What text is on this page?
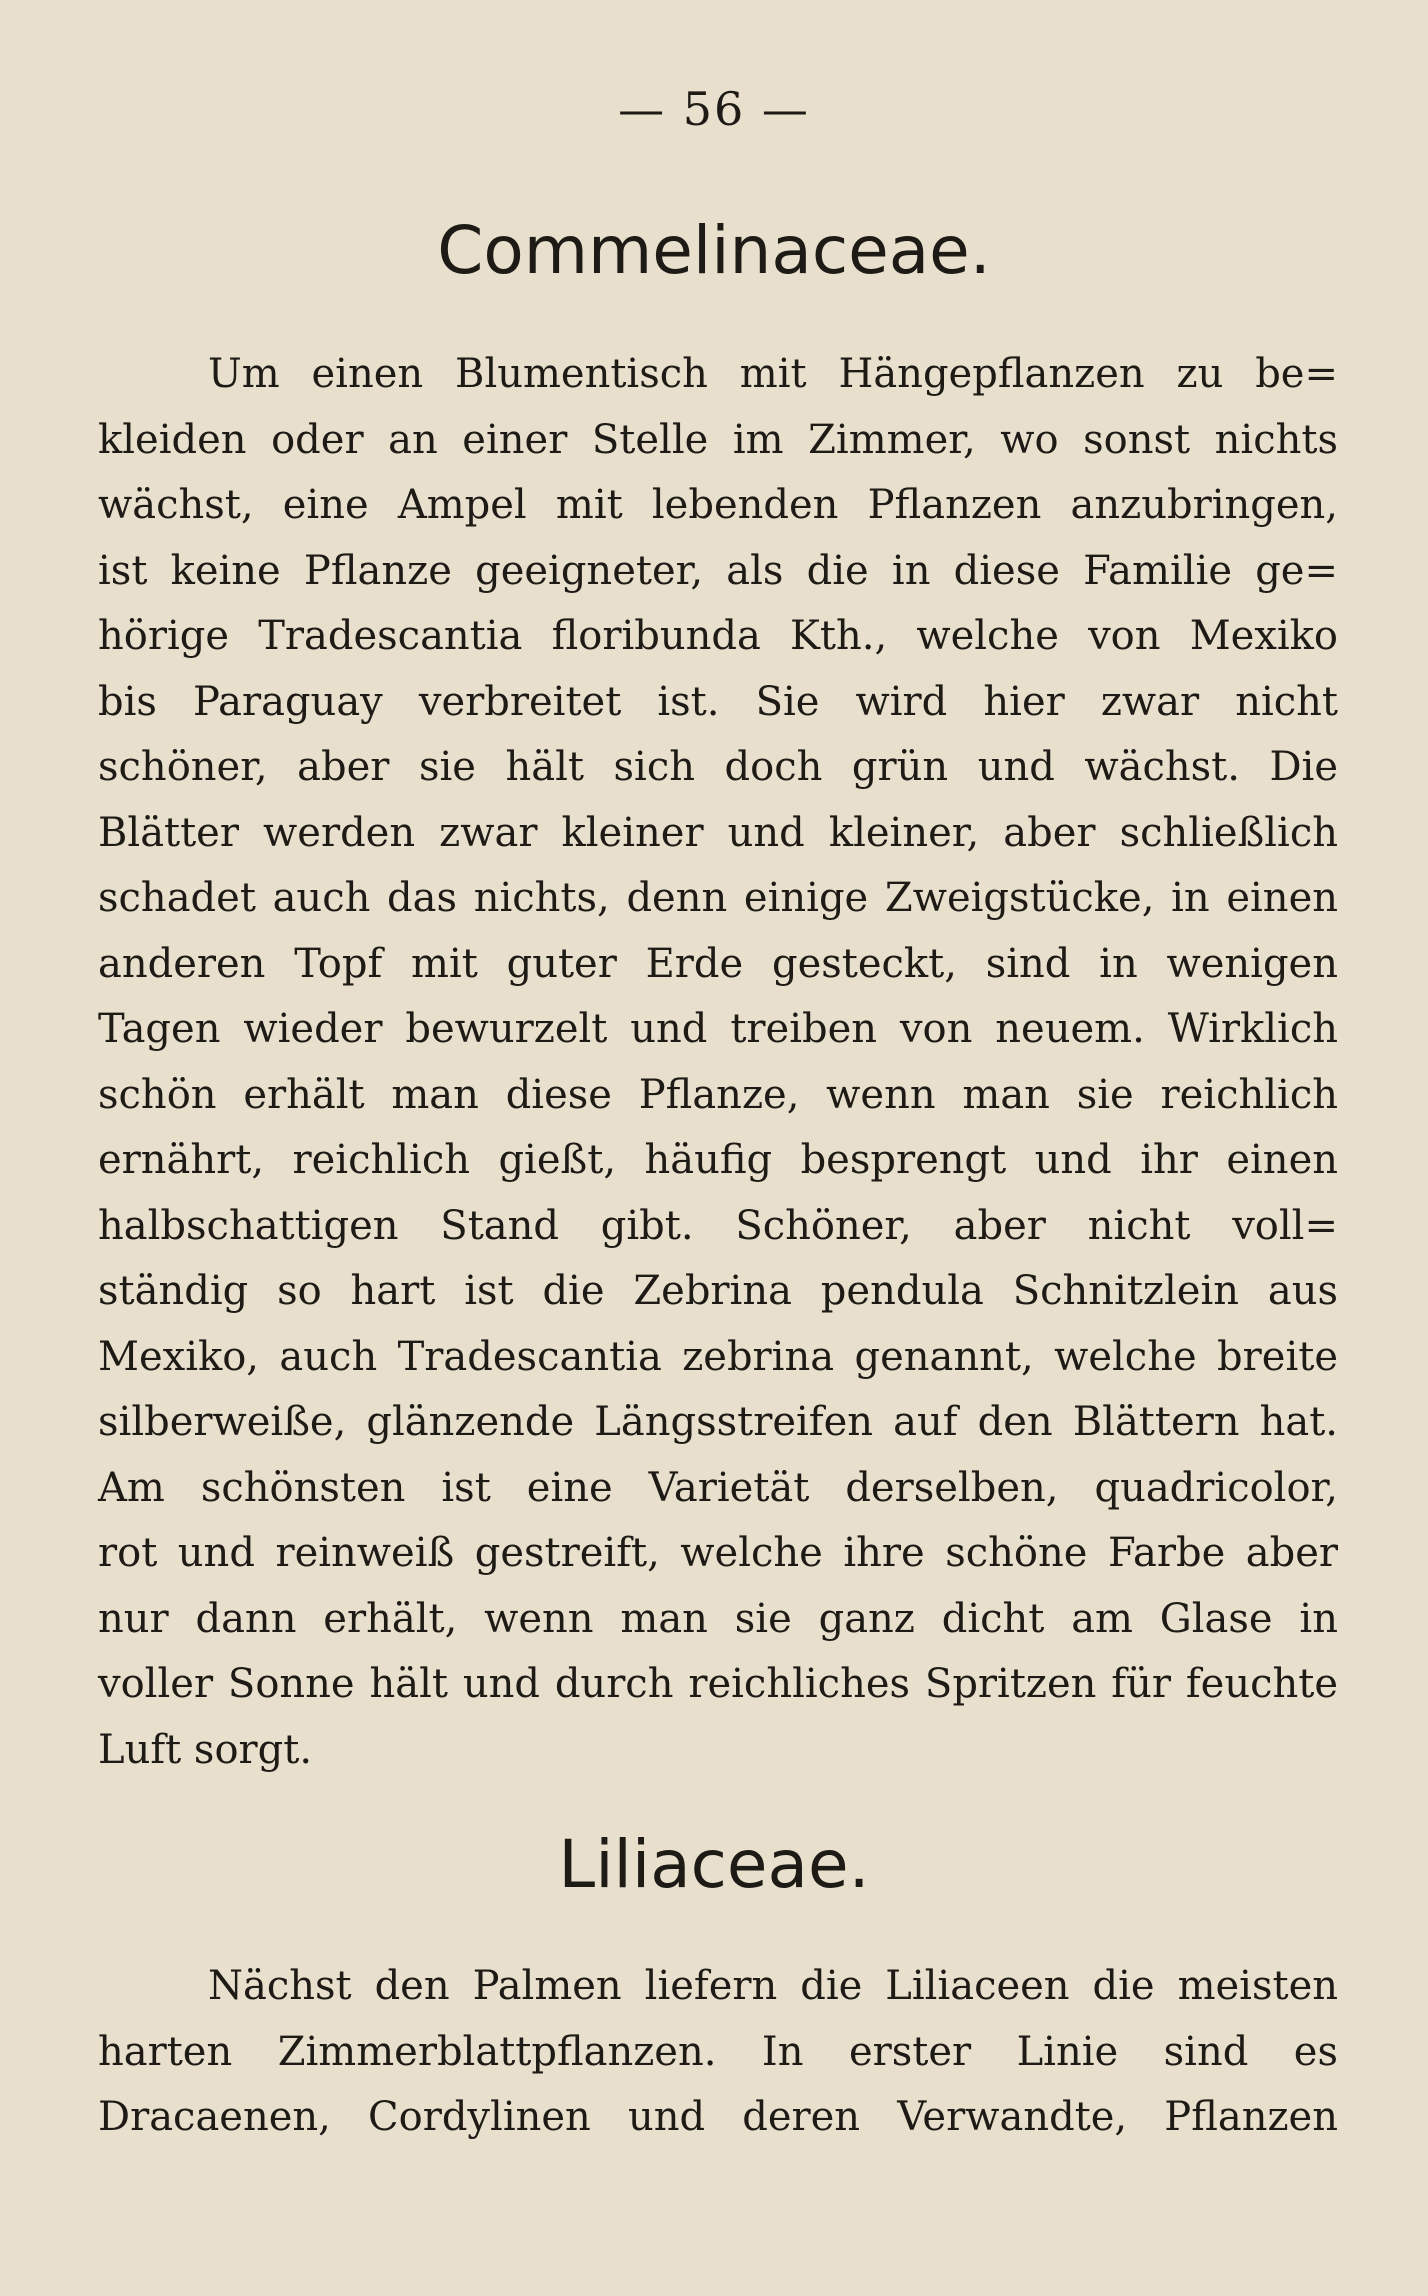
— 56 —
Commelinaceae.
Um einen Blumentisch mit Hängepflanzen zu be=
kleiden oder an einer Stelle im Zimmer, wo sonst nichts
wächst, eine Ampel mit lebenden Pflanzen anzubringen,
ist keine Pflanze geeigneter, als die in diese Familie ge=
hörige Tradescantia floribunda Kth., welche von Mexiko
bis Paraguay verbreitet ist. Sie wird hier zwar nicht
schöner, aber sie hält sich doch grün und wächst. Die
Blätter werden zwar kleiner und kleiner, aber schließlich
schadet auch das nichts, denn einige Zweigstücke, in einen
anderen Topf mit guter Erde gesteckt, sind in wenigen
Tagen wieder bewurzelt und treiben von neuem. Wirklich
schön erhält man diese Pflanze, wenn man sie reichlich
ernährt, reichlich gießt, häufig besprengt und ihr einen
halbschattigen Stand gibt. Schöner, aber nicht voll=
ständig so hart ist die Zebrina pendula Schnitzlein aus
Mexiko, auch Tradescantia zebrina genannt, welche breite
silberweiße, glänzende Längsstreifen auf den Blättern hat.
Am schönsten ist eine Varietät derselben, quadricolor,
rot und reinweiß gestreift, welche ihre schöne Farbe aber
nur dann erhält, wenn man sie ganz dicht am Glase in
voller Sonne hält und durch reichliches Spritzen für feuchte
Luft sorgt.
Liliaceae.
Nächst den Palmen liefern die Liliaceen die meisten
harten Zimmerblattpflanzen. In erster Linie sind es
Dracaenen, Cordylinen und deren Verwandte, Pflanzen
